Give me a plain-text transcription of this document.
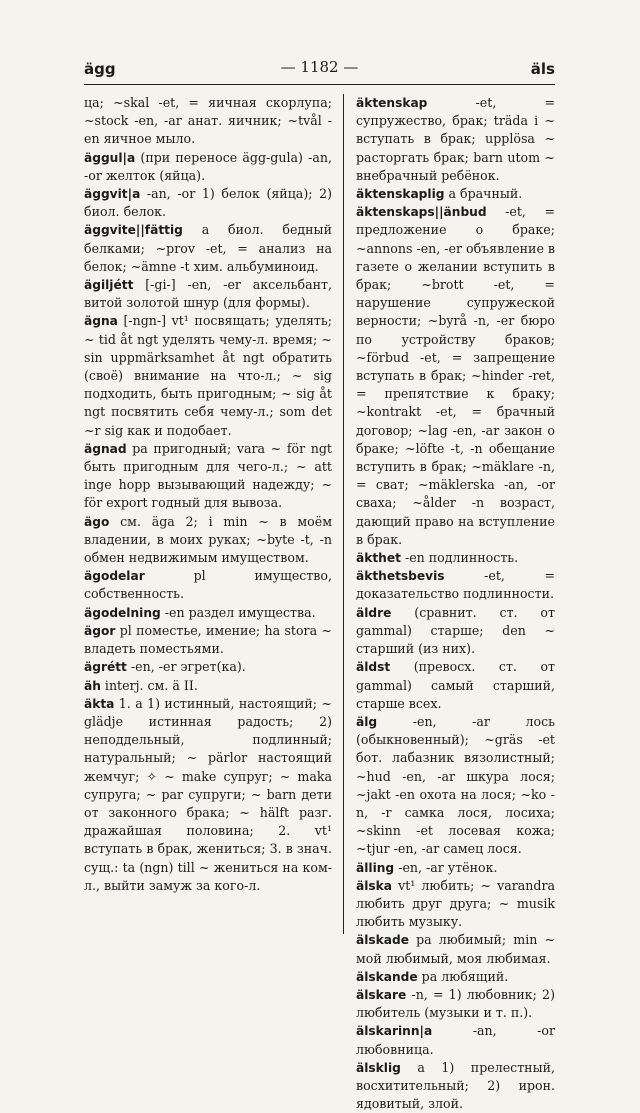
ägg	— 1182 —	äls

ца; ~skal -et, = яичная скорлупа; ~stock -en, -ar анат. яичник; ~tvål -en яичное мыло.

äggul|a (при переносе ägg-gula) -an, -or желток (яйца).

äggvit|a -an, -or 1) белок (яйца); 2) биол. белок.

äggvite||fättig a биол. бедный белками; ~prov -et, = анализ на белок; ~ämne -t хим. альбуминоид.

ägiljétt [-gi-] -en, -er аксельбант, витой золотой шнур (для формы).

ägna [-ngn-] vt¹ посвящать; уделять; ~ tid åt ngt уделять чему-л. время; ~ sin uppmärksamhet åt ngt обратить (своё) внимание на что-л.; ~ sig подходить, быть пригодным; ~ sig åt ngt посвятить себя чему-л.; som det ~r sig как и подобает.

ägnad pa пригодный; vara ~ för ngt быть пригодным для чего-л.; ~ att inge hopp вызывающий надежду; ~ för export годный для вывоза.

ägo см. äga 2; i min ~ в моём владении, в моих руках; ~byte -t, -n обмен недвижимым имуществом.

ägodelar	pl имущество, собственность.

ägodelning -en раздел имущества.

ägor pl поместье, имение; ha stora ~ владеть поместьями.

ägrétt -en, -er эгрет(ка).

äh interj. см. ä II.

äkta 1. a 1) истинный, настоящий; ~ glädje истинная радость; 2) неподдельный, подлинный; натуральный; ~ pärlor настоящий жемчуг; ✧ ~ make супруг; ~ maka супруга; ~ par супруги; ~ barn дети от законного брака; ~ hälft разг. дражайшая половина; 2. vt¹ вступать в брак, жениться; 3. в знач. сущ.: ta (ngn) till ~ жениться на ком-л., выйти замуж за кого-л.

äktenskap	-et, = супружество, брак; träda i ~ вступать в брак; upplösa ~ расторгать брак; barn utom ~ внебрачный ребёнок.

äktenskaplig a брачный.

äktenskaps||änbud -et, = предложение о браке; ~annons -en, -er объявление в газете о желании вступить в брак; ~brott -et, = нарушение супружеской верности; ~byrå -n, -er бюро по устройству браков; ~förbud -et, = запрещение вступать в брак; ~hinder -ret, = препятствие к браку; ~kontrakt -et, = брачный договор; ~lag -en, -ar закон о браке; ~löfte -t, -n обещание вступить в брак; ~mäklare -n, = сват; ~mäklerska -an, -or сваха; ~ålder -n возраст, дающий право на вступление в брак.

äkthet -en подлинность.

äkthetsbevis	-et, = доказательство подлинности.

äldre (сравнит. ст. от gammal) старше; den ~ старший (из них).

äldst (превосх. ст. от gammal) самый старший, старше всех.

älg	-en, -ar лось (обыкновенный); ~gräs -et бот. лабазник вязолистный; ~hud -en, -ar шкура лося; ~jakt -en охота на лося; ~ko -n, -r самка лося, лосиха; ~skinn -et лосевая кожа; ~tjur -en, -ar самец лося.

älling -en, -ar утёнок.

älska vt¹ любить; ~ varandra любить друг друга; ~ musik любить музыку.

älskade pa любимый; min ~ мой любимый, моя любимая.

älskande pa любящий.

älskare -n, = 1) любовник; 2) любитель (музыки и т. п.).

älskarinn|a	-an, -or любовница.

älsklig a 1) прелестный, восхитительный; 2) ирон. ядовитый, злой.
